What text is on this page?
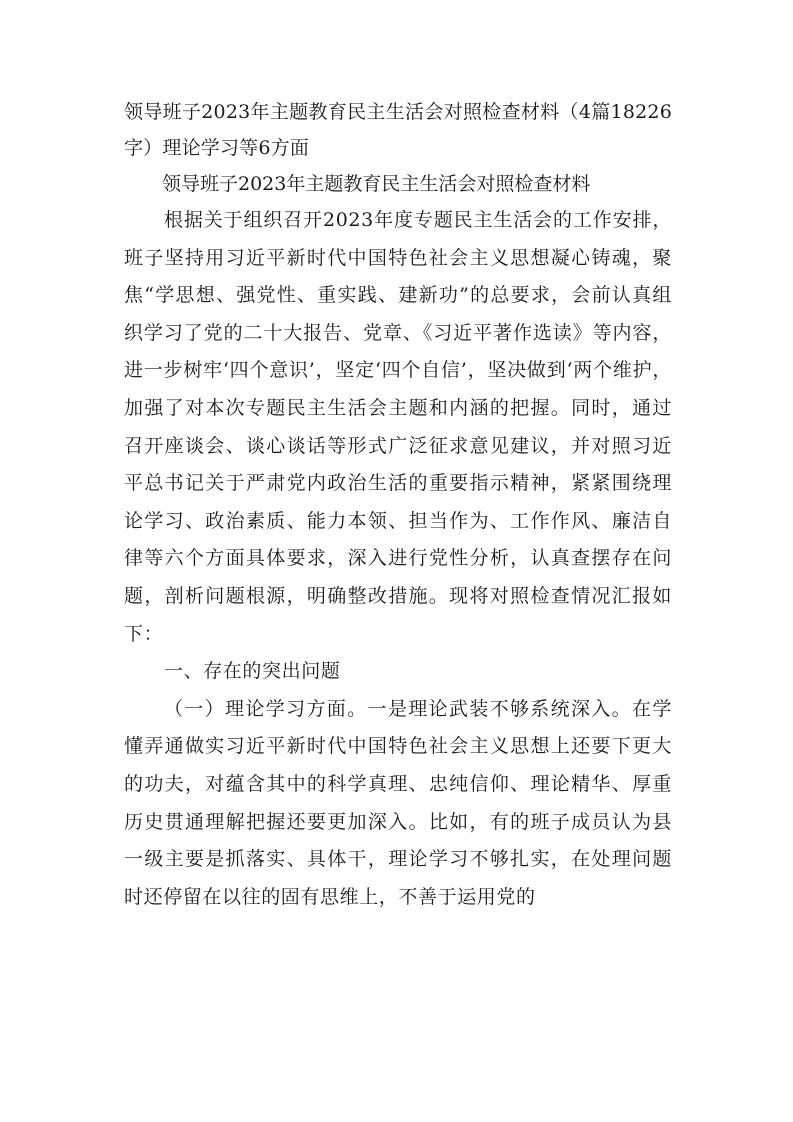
领导班子2023年主题教育民主生活会对照检查材料（4篇18226字）理论学习等6方面

领导班子2023年主题教育民主生活会对照检查材料

根据关于组织召开2023年度专题民主生活会的工作安排，班子坚持用习近平新时代中国特色社会主义思想凝心铸魂，聚焦“学思想、强党性、重实践、建新功”的总要求，会前认真组织学习了党的二十大报告、党章、《习近平著作选读》等内容，进一步树牢‘四个意识’，坚定‘四个自信’，坚决做到‘两个维护，加强了对本次专题民主生活会主题和内涵的把握。同时，通过召开座谈会、谈心谈话等形式广泛征求意见建议，并对照习近平总书记关于严肃党内政治生活的重要指示精神，紧紧围绕理论学习、政治素质、能力本领、担当作为、工作作风、廉洁自律等六个方面具体要求，深入进行党性分析，认真查摆存在问题，剖析问题根源，明确整改措施。现将对照检查情况汇报如下：

一、存在的突出问题

（一）理论学习方面。一是理论武装不够系统深入。在学懂弄通做实习近平新时代中国特色社会主义思想上还要下更大的功夫，对蕴含其中的科学真理、忠纯信仰、理论精华、厚重历史贯通理解把握还要更加深入。比如，有的班子成员认为县一级主要是抓落实、具体干，理论学习不够扎实，在处理问题时还停留在以往的固有思维上，不善于运用党的
